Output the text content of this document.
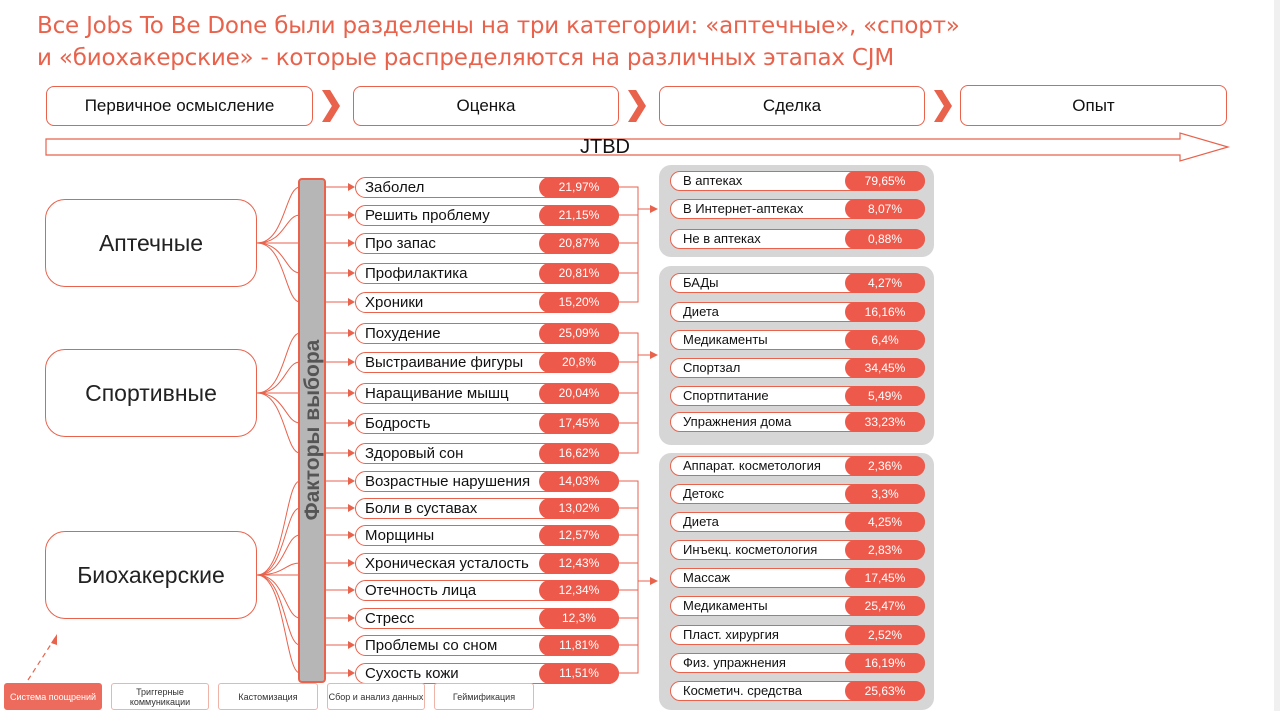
Все Jobs To Be Done были разделены на три категории: «аптечные», «спорт»
и «биохакерские» - которые распределяются на различных этапах CJM
Первичное осмысление	Оценка	Сделка	Опыт
JTBD
Аптечные
Спортивные
Биохакерские
Факторы выбора
Заболел	21,97%
Решить проблему	21,15%
Про запас	20,87%
Профилактика	20,81%
Хроники	15,20%
Похудение	25,09%
Выстраивание фигуры	20,8%
Наращивание мышц	20,04%
Бодрость	17,45%
Здоровый сон	16,62%
Возрастные нарушения	14,03%
Боли в суставах	13,02%
Морщины	12,57%
Хроническая усталость	12,43%
Отечность лица	12,34%
Стресс	12,3%
Проблемы со сном	11,81%
Сухость кожи	11,51%
В аптеках	79,65%
В Интернет-аптеках	8,07%
Не в аптеках	0,88%
БАДы	4,27%
Диета	16,16%
Медикаменты	6,4%
Спортзал	34,45%
Спортпитание	5,49%
Упражнения дома	33,23%
Аппарат. косметология	2,36%
Детокс	3,3%
Диета	4,25%
Инъекц. косметология	2,83%
Массаж	17,45%
Медикаменты	25,47%
Пласт. хирургия	2,52%
Физ. упражнения	16,19%
Косметич. средства	25,63%
Система поощрений	Триггерные коммуникации	Кастомизация	Сбор и анализ данных	Геймификация
